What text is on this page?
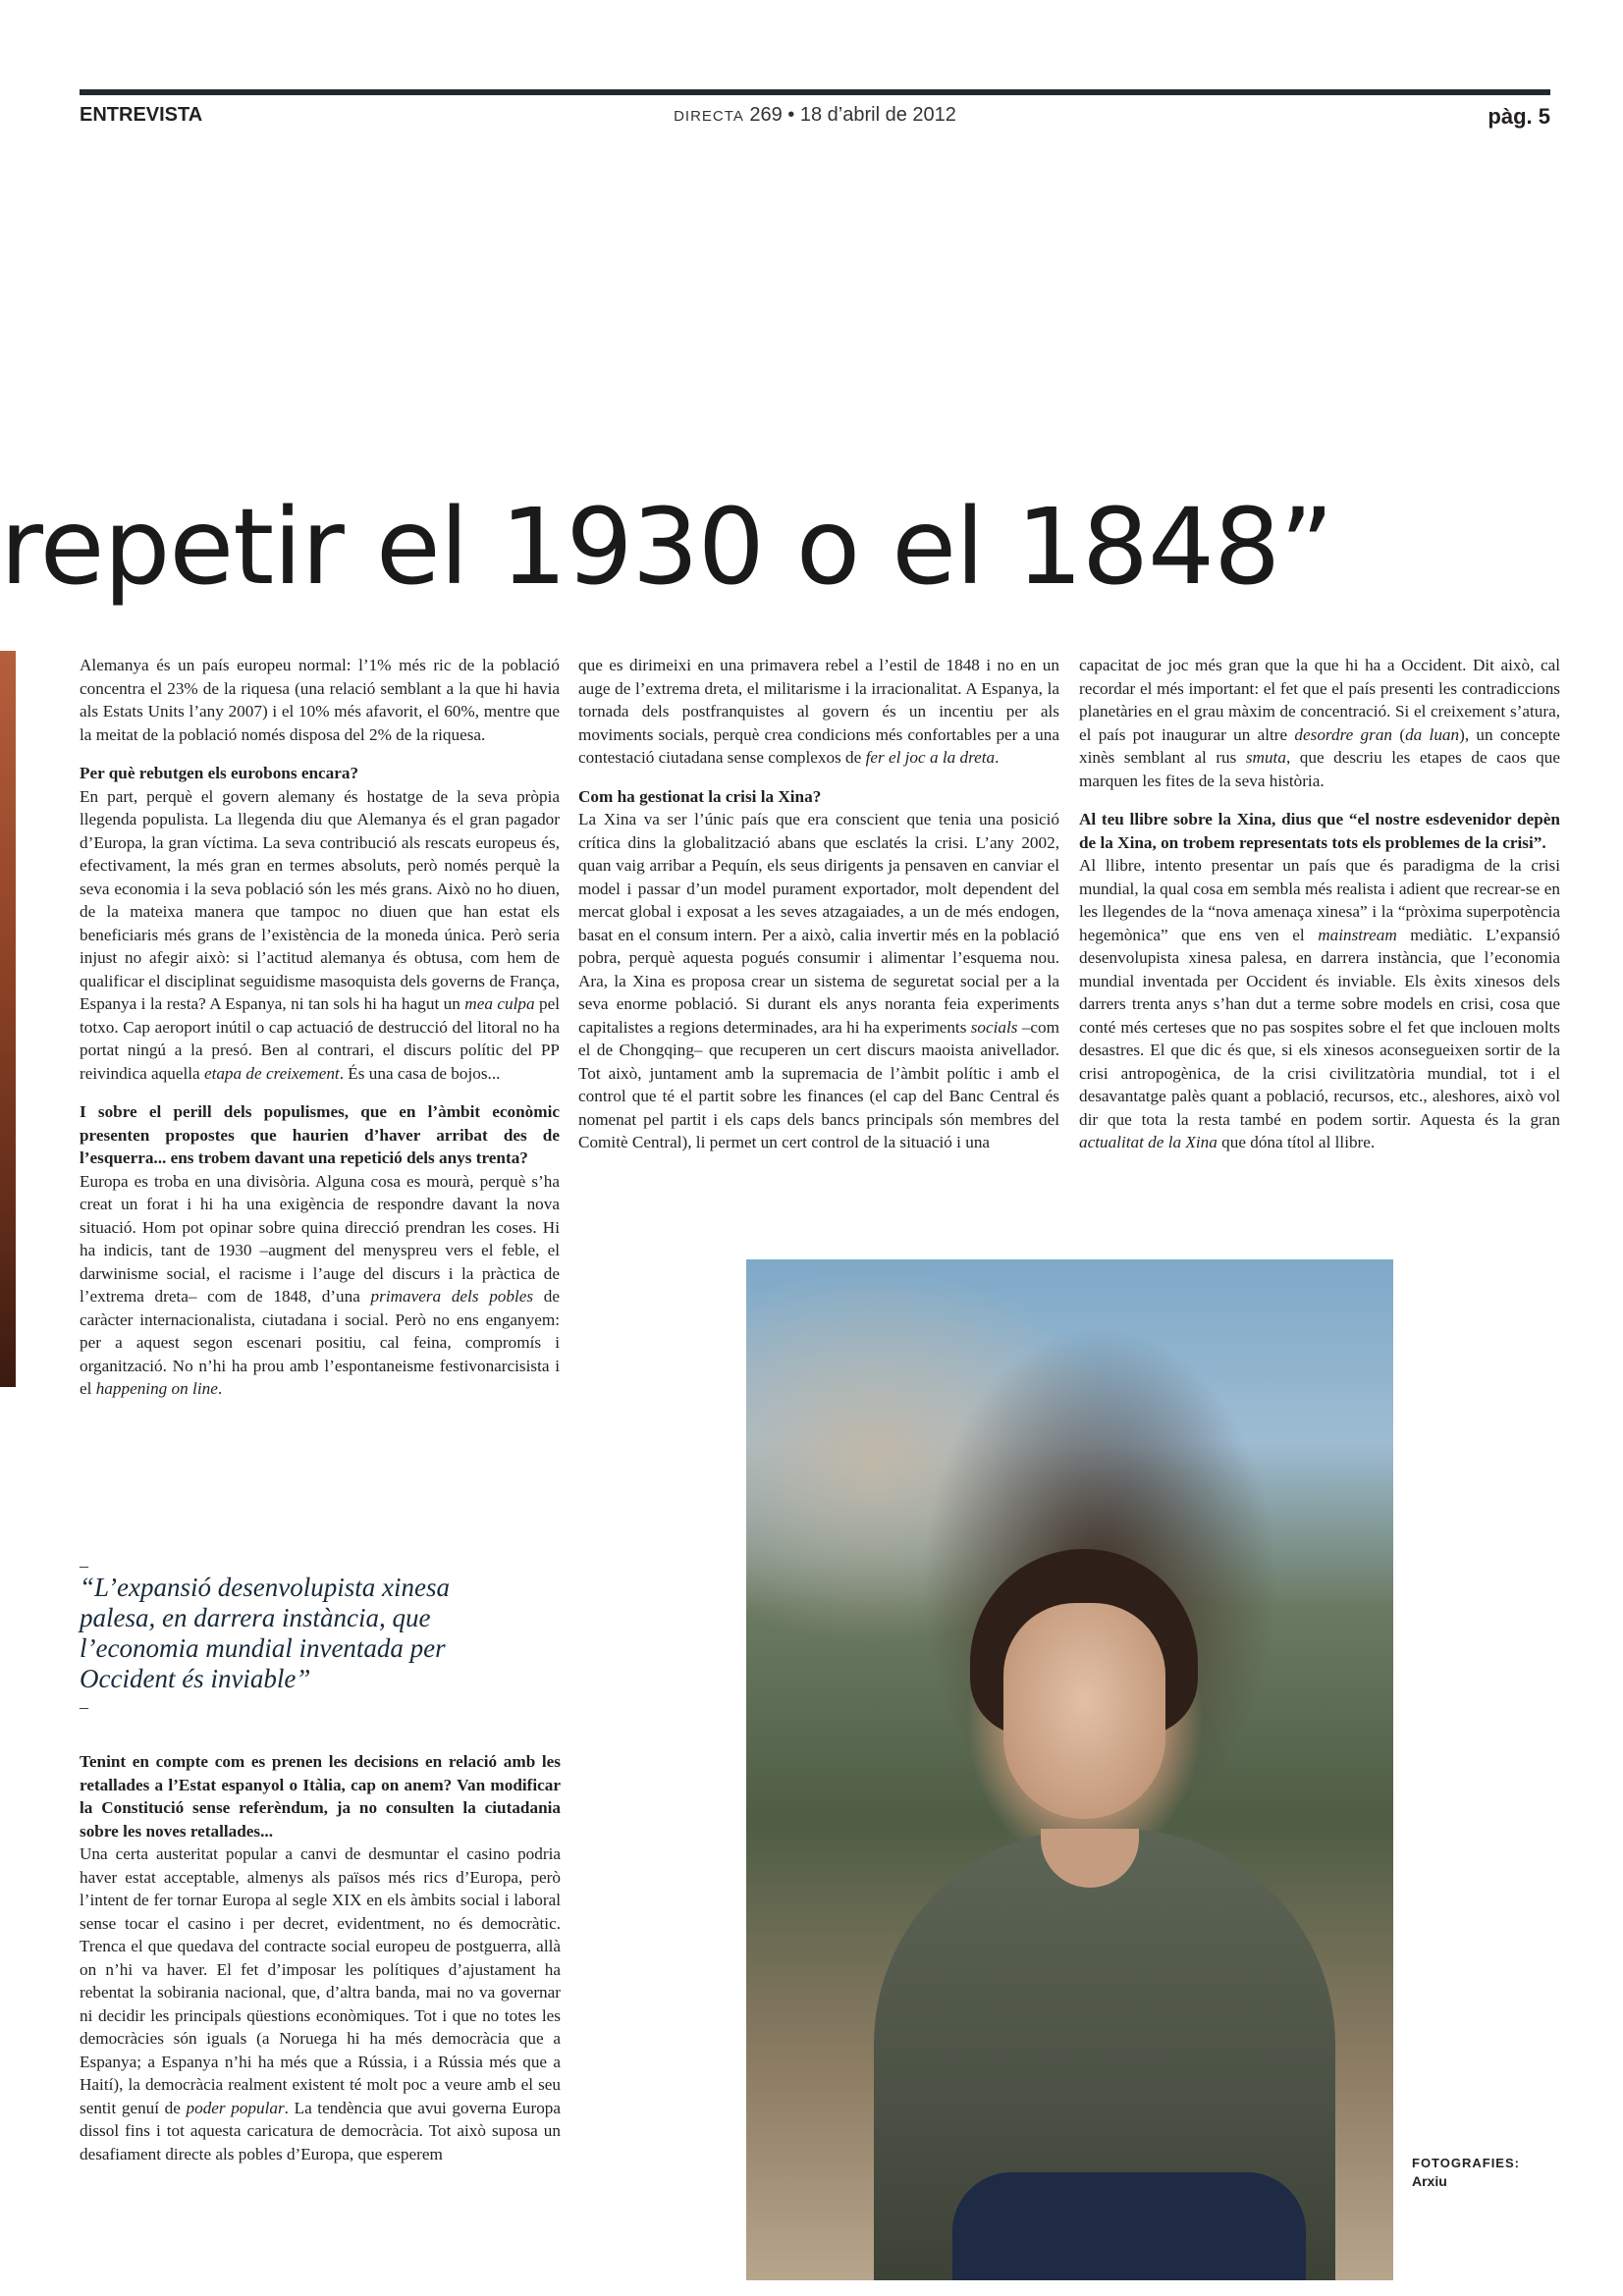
ENTREVISTA	DIRECTA 269 • 18 d’abril de 2012	pàg. 5
repetir el 1930 o el 1848”

Alemanya és un país europeu normal: l’1% més ric de la població concentra el 23% de la riquesa (una relació semblant a la que hi havia als Estats Units l’any 2007) i el 10% més afavorit, el 60%, mentre que la meitat de la població només disposa del 2% de la riquesa.

Per què rebutgen els eurobons encara?

En part, perquè el govern alemany és hostatge de la seva pròpia llegenda populista. La llegenda diu que Alemanya és el gran pagador d’Europa, la gran víctima. La seva contribució als rescats europeus és, efectivament, la més gran en termes absoluts, però només perquè la seva economia i la seva població són les més grans. Això no ho diuen, de la mateixa manera que tampoc no diuen que han estat els beneficiaris més grans de l’existència de la moneda única. Però seria injust no afegir això: si l’actitud alemanya és obtusa, com hem de qualificar el disciplinat seguidisme masoquista dels governs de França, Espanya i la resta? A Espanya, ni tan sols hi ha hagut un mea culpa pel totxo. Cap aeroport inútil o cap actuació de destrucció del litoral no ha portat ningú a la presó. Ben al contrari, el discurs polític del PP reivindica aquella etapa de creixement. És una casa de bojos...

I sobre el perill dels populismes, que en l’àmbit econòmic presenten propostes que haurien d’haver arribat des de l’esquerra... ens trobem davant una repetició dels anys trenta?

Europa es troba en una divisòria. Alguna cosa es mourà, perquè s’ha creat un forat i hi ha una exigència de respondre davant la nova situació. Hom pot opinar sobre quina direcció prendran les coses. Hi ha indicis, tant de 1930 –augment del menyspreu vers el feble, el darwinisme social, el racisme i l’auge del discurs i la pràctica de l’extrema dreta– com de 1848, d’una primavera dels pobles de caràcter internacionalista, ciutadana i social. Però no ens enganyem: per a aquest segon escenari positiu, cal feina, compromís i organització. No n’hi ha prou amb l’espontaneisme festivonarcisista i el happening on line.

–
“L’expansió desenvolupista xinesa palesa, en darrera instància, que l’economia mundial inventada per Occident és inviable”
–

Tenint en compte com es prenen les decisions en relació amb les retallades a l’Estat espanyol o Itàlia, cap on anem? Van modificar la Constitució sense referèndum, ja no consulten la ciutadania sobre les noves retallades...

Una certa austeritat popular a canvi de desmuntar el casino podria haver estat acceptable, almenys als països més rics d’Europa, però l’intent de fer tornar Europa al segle XIX en els àmbits social i laboral sense tocar el casino i per decret, evidentment, no és democràtic. Trenca el que quedava del contracte social europeu de postguerra, allà on n’hi va haver. El fet d’imposar les polítiques d’ajustament ha rebentat la sobirania nacional, que, d’altra banda, mai no va governar ni decidir les principals qüestions econòmiques. Tot i que no totes les democràcies són iguals (a Noruega hi ha més democràcia que a Espanya; a Espanya n’hi ha més que a Rússia, i a Rússia més que a Haití), la democràcia realment existent té molt poc a veure amb el seu sentit genuí de poder popular. La tendència que avui governa Europa dissol fins i tot aquesta caricatura de democràcia. Tot això suposa un desafiament directe als pobles d’Europa, que esperem

que es dirimeixi en una primavera rebel a l’estil de 1848 i no en un auge de l’extrema dreta, el militarisme i la irracionalitat. A Espanya, la tornada dels postfranquistes al govern és un incentiu per als moviments socials, perquè crea condicions més confortables per a una contestació ciutadana sense complexos de fer el joc a la dreta.

Com ha gestionat la crisi la Xina?

La Xina va ser l’únic país que era conscient que tenia una posició crítica dins la globalització abans que esclatés la crisi. L’any 2002, quan vaig arribar a Pequín, els seus dirigents ja pensaven en canviar el model i passar d’un model purament exportador, molt dependent del mercat global i exposat a les seves atzagaiades, a un de més endogen, basat en el consum intern. Per a això, calia invertir més en la població pobra, perquè aquesta pogués consumir i alimentar l’esquema nou. Ara, la Xina es proposa crear un sistema de seguretat social per a la seva enorme població. Si durant els anys noranta feia experiments capitalistes a regions determinades, ara hi ha experiments socials –com el de Chongqing– que recuperen un cert discurs maoista anivellador. Tot això, juntament amb la supremacia de l’àmbit polític i amb el control que té el partit sobre les finances (el cap del Banc Central és nomenat pel partit i els caps dels bancs principals són membres del Comitè Central), li permet un cert control de la situació i una

capacitat de joc més gran que la que hi ha a Occident. Dit això, cal recordar el més important: el fet que el país presenti les contradiccions planetàries en el grau màxim de concentració. Si el creixement s’atura, el país pot inaugurar un altre desordre gran (da luan), un concepte xinès semblant al rus smuta, que descriu les etapes de caos que marquen les fites de la seva història.

Al teu llibre sobre la Xina, dius que “el nostre esdevenidor depèn de la Xina, on trobem representats tots els problemes de la crisi”.

Al llibre, intento presentar un país que és paradigma de la crisi mundial, la qual cosa em sembla més realista i adient que recrear-se en les llegendes de la “nova amenaça xinesa” i la “pròxima superpotència hegemònica” que ens ven el mainstream mediàtic. L’expansió desenvolupista xinesa palesa, en darrera instància, que l’economia mundial inventada per Occident és inviable. Els èxits xinesos dels darrers trenta anys s’han dut a terme sobre models en crisi, cosa que conté més certeses que no pas sospites sobre el fet que inclouen molts desastres. El que dic és que, si els xinesos aconsegueixen sortir de la crisi antropogènica, de la crisi civilitzatòria mundial, tot i el desavantatge palès quant a població, recursos, etc., aleshores, això vol dir que tota la resta també en podem sortir. Aquesta és la gran actualitat de la Xina que dóna títol al llibre.

FOTOGRAFIES:
Arxiu
